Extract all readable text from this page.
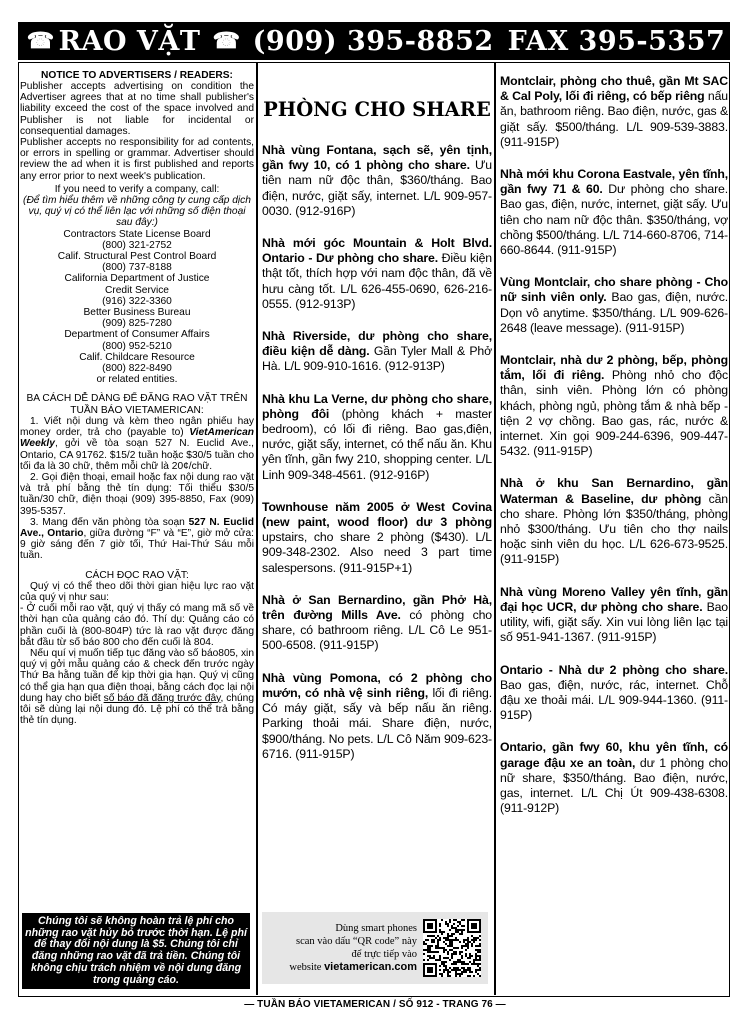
☎ RAO VẶT ☎ (909) 395-8852 FAX 395-5357

NOTICE TO ADVERTISERS / READERS:

Publisher accepts advertising on condition the Advertiser agrees that at no time shall publisher's liability exceed the cost of the space involved and Publisher is not liable for incidental or consequential damages.

Publisher accepts no responsibility for ad contents, or errors in spelling or grammar. Advertiser should review the ad when it is first published and reports any error prior to next week's publication.

If you need to verify a company, call:

(Để tìm hiểu thêm về những công ty cung cấp dịch vụ, quý vị có thể liên lạc với những số điện thoại sau đây:)

Contractors State License Board

(800) 321-2752

Calif. Structural Pest Control Board

(800) 737-8188

California Department of Justice

Credit Service

(916) 322-3360

Better Business Bureau

(909) 825-7280

Department of Consumer Affairs

(800) 952-5210

Calif. Childcare Resource

(800) 822-8490

or related entities.

BA CÁCH DỄ DÀNG ĐỂ ĐĂNG RAO VẶT TRÊN TUẦN BÁO VIETAMERICAN:

1. Viết nội dung và kèm theo ngân phiếu hay money order, trả cho (payable to) VietAmerican Weekly, gởi về tòa soạn 527 N. Euclid Ave., Ontario, CA 91762. $15/2 tuần hoặc $30/5 tuần cho tối đa là 30 chữ, thêm mỗi chữ là 20¢/chữ.

2. Gọi điện thoại, email hoặc fax nội dung rao vặt và trả phí bằng thẻ tín dụng: Tối thiểu $30/5 tuần/30 chữ, điện thoại (909) 395-8850, Fax (909) 395-5357.

3. Mang đến văn phòng tòa soạn 527 N. Euclid Ave., Ontario, giữa đường “F” và “E”, giờ mở cửa: 9 giờ sáng đến 7 giờ tối, Thứ Hai-Thứ Sáu mỗi tuần.

CÁCH ĐỌC RAO VẶT:

Quý vị có thể theo dõi thời gian hiệu lực rao vặt của quý vị như sau:

- Ở cuối mỗi rao vặt, quý vị thấy có mang mã số về thời hạn của quảng cáo đó. Thí dụ: Quảng cáo có phần cuối là (800-804P) tức là rao vặt được đăng bắt đầu từ số báo 800 cho đến cuối là 804.

Nếu quí vị muốn tiếp tục đăng vào số báo805, xin quý vị gởi mẫu quảng cáo & check đến trước ngày Thứ Ba hằng tuần để kịp thời gia hạn. Quý vị cũng có thể gia hạn qua điện thoại, bằng cách đọc lại nội dung hay cho biết số báo đã đăng trước đây, chúng tôi sẽ dùng lại nội dung đó. Lệ phí có thể trả bằng thẻ tín dụng.

Chúng tôi sẽ không hoàn trả lệ phí cho những rao vặt hủy bỏ trước thời hạn. Lệ phí để thay đổi nội dung là $5. Chúng tôi chỉ đăng những rao vặt đã trả tiền. Chúng tôi không chịu trách nhiệm về nội dung đăng trong quảng cáo.
PHÒNG CHO SHARE

Nhà vùng Fontana, sạch sẽ, yên tịnh, gần fwy 10, có 1 phòng cho share. Ưu tiên nam nữ độc thân, $360/tháng. Bao điện, nước, giặt sấy, internet. L/L 909-957-0030. (912-916P)

Nhà mới góc Mountain & Holt Blvd. Ontario - Dư phòng cho share. Điều kiện thật tốt, thích hợp với nam độc thân, đã về hưu càng tốt. L/L 626-455-0690, 626-216-0555. (912-913P)

Nhà Riverside, dư phòng cho share, điều kiện dễ dàng. Gần Tyler Mall & Phở Hà. L/L 909-910-1616. (912-913P)

Nhà khu La Verne, dư phòng cho share, phòng đôi (phòng khách + master bedroom), có lối đi riêng. Bao gas,điện, nước, giặt sấy, internet, có thể nấu ăn. Khu yên tĩnh, gần fwy 210, shopping center. L/L Linh 909-348-4561. (912-916P)

Townhouse năm 2005 ở West Covina (new paint, wood floor) dư 3 phòng upstairs, cho share 2 phòng ($430). L/L 909-348-2302. Also need 3 part time salespersons. (911-915P+1)

Nhà ở San Bernardino, gần Phở Hà, trên đường Mills Ave. có phòng cho share, có bathroom riêng. L/L Cô Le 951-500-6508. (911-915P)

Nhà vùng Pomona, có 2 phòng cho mướn, có nhà vệ sinh riêng, lối đi riêng. Có máy giặt, sấy và bếp nấu ăn riêng. Parking thoải mái. Share điện, nước, $900/tháng. No pets. L/L Cô Năm 909-623-6716. (911-915P)

Dùng smart phones
scan vào dấu “QR code” này
để trực tiếp vào
website vietamerican.com

Montclair, phòng cho thuê, gần Mt SAC & Cal Poly, lối đi riêng, có bếp riêng nấu ăn, bathroom riêng. Bao điện, nước, gas & giặt sấy. $500/tháng. L/L 909-539-3883. (911-915P)

Nhà mới khu Corona Eastvale, yên tĩnh, gần fwy 71 & 60. Dư phòng cho share. Bao gas, điện, nước, internet, giặt sấy. Ưu tiên cho nam nữ độc thân. $350/tháng, vợ chồng $500/tháng. L/L 714-660-8706, 714-660-8644. (911-915P)

Vùng Montclair, cho share phòng - Cho nữ sinh viên only. Bao gas, điện, nước. Dọn vô anytime. $350/tháng. L/L 909-626-2648 (leave message). (911-915P)

Montclair, nhà dư 2 phòng, bếp, phòng tắm, lối đi riêng. Phòng nhỏ cho độc thân, sinh viên. Phòng lớn có phòng khách, phòng ngủ, phòng tắm & nhà bếp - tiện 2 vợ chồng. Bao gas, rác, nước & internet. Xin gọi 909-244-6396, 909-447-5432. (911-915P)

Nhà ở khu San Bernardino, gần Waterman & Baseline, dư phòng cần cho share. Phòng lớn $350/tháng, phòng nhỏ $300/tháng. Ưu tiên cho thợ nails hoặc sinh viên du học. L/L 626-673-9525. (911-915P)

Nhà vùng Moreno Valley yên tĩnh, gần đại học UCR, dư phòng cho share. Bao utility, wifi, giặt sấy. Xin vui lòng liên lạc tại số 951-941-1367. (911-915P)

Ontario - Nhà dư 2 phòng cho share. Bao gas, điện, nước, rác, internet. Chỗ đậu xe thoải mái. L/L 909-944-1360. (911-915P)

Ontario, gần fwy 60, khu yên tĩnh, có garage đậu xe an toàn, dư 1 phòng cho nữ share, $350/tháng. Bao điện, nước, gas, internet. L/L Chị Út 909-438-6308. (911-912P)

— TUẦN BÁO VIETAMERICAN / SỐ 912 - TRANG 76 —
